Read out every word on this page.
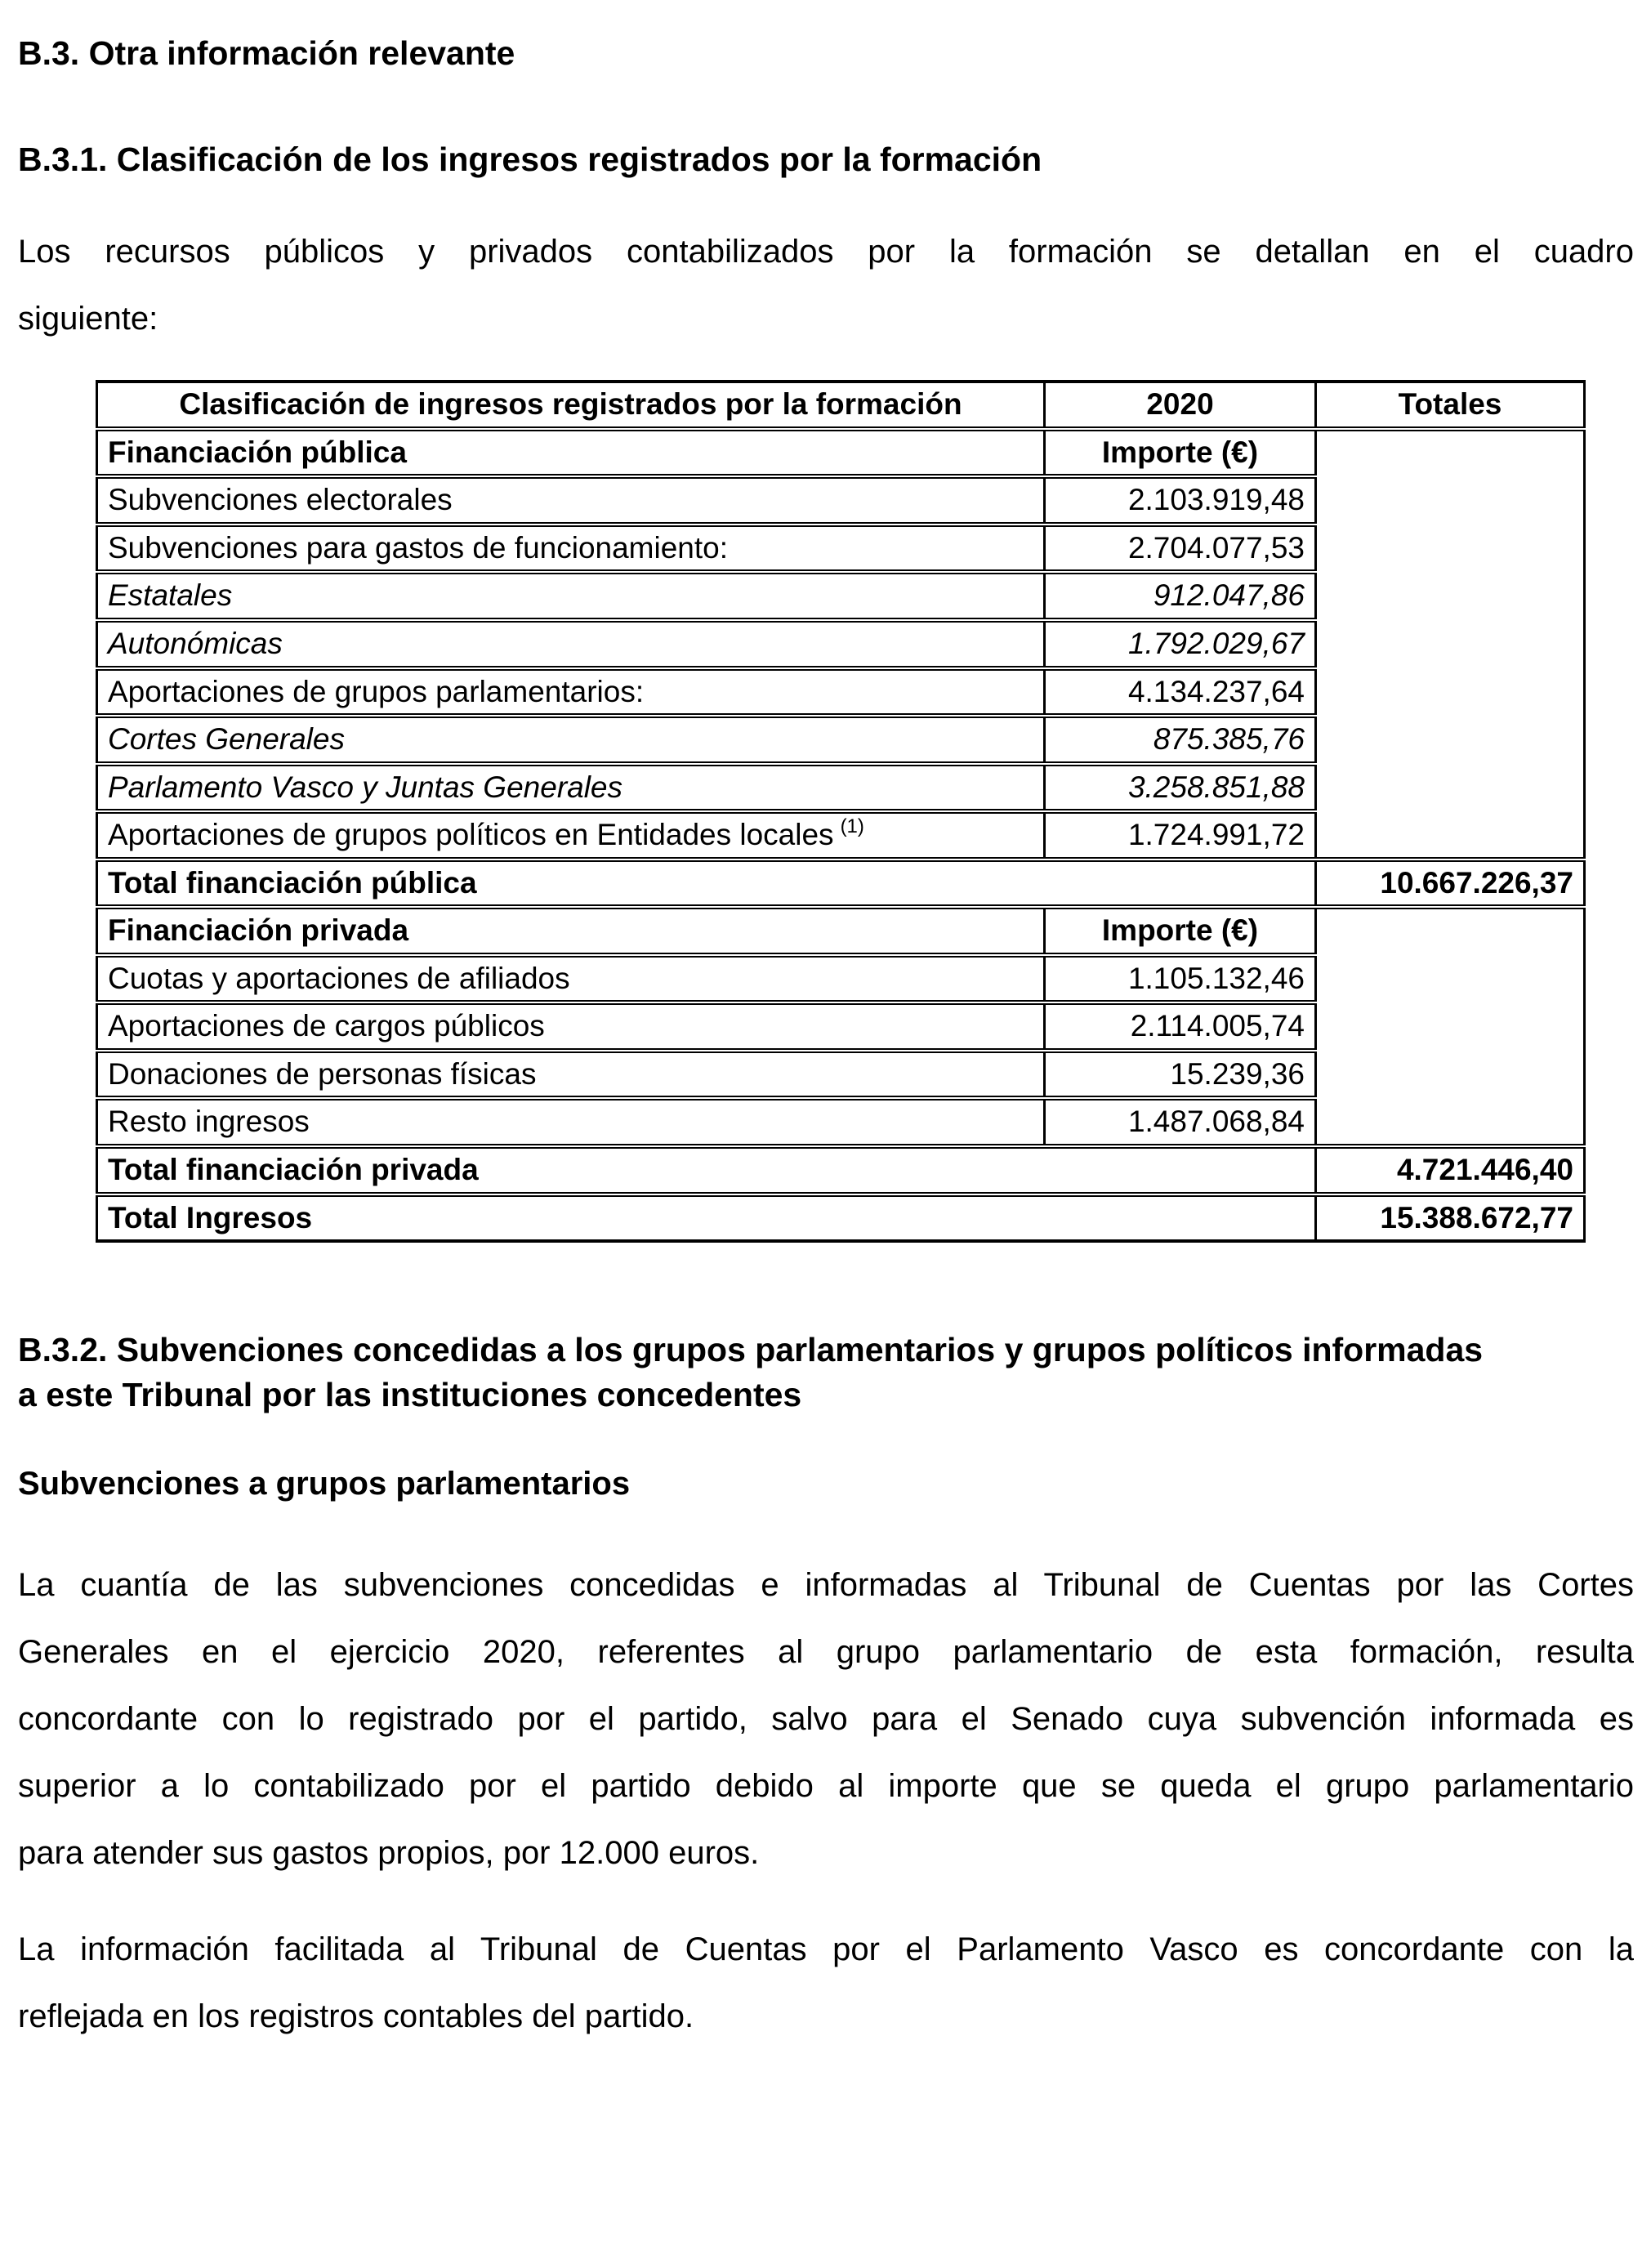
B.3. Otra información relevante
B.3.1. Clasificación de los ingresos registrados por la formación
Los recursos públicos y privados contabilizados por la formación se detallan en el cuadro
siguiente:
Clasificación de ingresos registrados por la formación	2020	Totales
Financiación pública	Importe (€)	
Subvenciones electorales	2.103.919,48	
Subvenciones para gastos de funcionamiento:	2.704.077,53	
Estatales	912.047,86	
Autonómicas	1.792.029,67	
Aportaciones de grupos parlamentarios:	4.134.237,64	
Cortes Generales	875.385,76	
Parlamento Vasco y Juntas Generales	3.258.851,88	
Aportaciones de grupos políticos en Entidades locales $^{(1)}$	1.724.991,72	
Total financiación pública		10.667.226,37
Financiación privada	Importe (€)	
Cuotas y aportaciones de afiliados	1.105.132,46	
Aportaciones de cargos públicos	2.114.005,74	
Donaciones de personas físicas	15.239,36	
Resto ingresos	1.487.068,84	
Total financiación privada		4.721.446,40
Total Ingresos		15.388.672,77
B.3.2. Subvenciones concedidas a los grupos parlamentarios y grupos políticos informadas
a este Tribunal por las instituciones concedentes
Subvenciones a grupos parlamentarios
La cuantía de las subvenciones concedidas e informadas al Tribunal de Cuentas por las Cortes
Generales en el ejercicio 2020, referentes al grupo parlamentario de esta formación, resulta
concordante con lo registrado por el partido, salvo para el Senado cuya subvención informada es
superior a lo contabilizado por el partido debido al importe que se queda el grupo parlamentario
para atender sus gastos propios, por 12.000 euros.
La información facilitada al Tribunal de Cuentas por el Parlamento Vasco es concordante con la
reflejada en los registros contables del partido.
